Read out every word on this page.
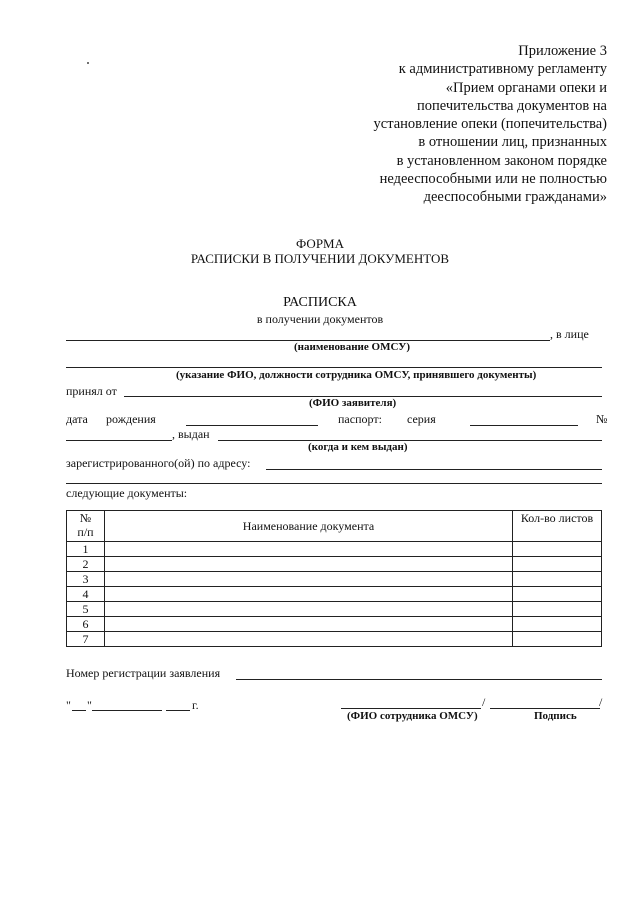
Приложение 3
к административному регламенту
«Прием органами опеки и
попечительства документов на
установление опеки (попечительства)
в отношении лиц, признанных
в установленном законом порядке
недееспособными или не полностью
дееспособными гражданами»
ФОРМА
РАСПИСКИ В ПОЛУЧЕНИИ ДОКУМЕНТОВ
РАСПИСКА
в получении документов
, в лице
(наименование ОМСУ)
(указание ФИО, должности сотрудника ОМСУ, принявшего документы)
принял от
(ФИО заявителя)
дата рождения	паспорт: серия	№
, выдан
(когда и кем выдан)
зарегистрированного(ой) по адресу:
следующие документы:
№
п/п	Наименование документа	Кол-во листов
1		
2		
3		
4		
5		
6		
7		
Номер регистрации заявления
" "	г.	/	/
(ФИО сотрудника ОМСУ)	Подпись
